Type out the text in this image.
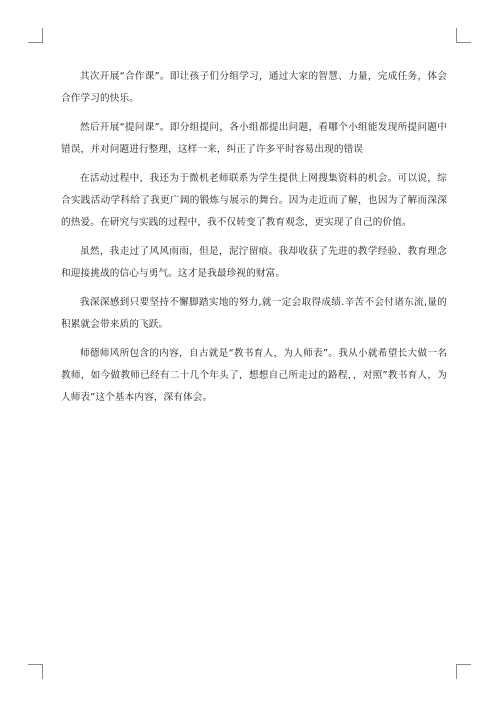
其次开展“合作课”。即让孩子们分组学习，通过大家的智慧、力量，完成任务，体会合作学习的快乐。

然后开展“提问课”。即分组提问，各小组都提出问题，看哪个小组能发现所提问题中错误，并对问题进行整理，这样一来，纠正了许多平时容易出现的错误

在活动过程中，我还为于微机老师联系为学生提供上网搜集资料的机会。可以说，综合实践活动学科给了我更广阔的锻炼与展示的舞台。因为走近而了解，也因为了解而深深的热爱。在研究与实践的过程中，我不仅转变了教育观念，更实现了自己的价值。

虽然，我走过了风风雨雨，但是，泥泞留痕。我却收获了先进的教学经验、教育理念和迎接挑战的信心与勇气。这才是我最珍视的财富。

我深深感到只要坚持不懈脚踏实地的努力,就一定会取得成绩.辛苦不会付诸东流,量的积累就会带来质的飞跃。

师德师风所包含的内容，自古就是“教书育人，为人师表”。我从小就希望长大做一名教师，如今做教师已经有二十几个年头了，想想自己所走过的路程，，对照”教书育人，为人师表”这个基本内容，深有体会。
